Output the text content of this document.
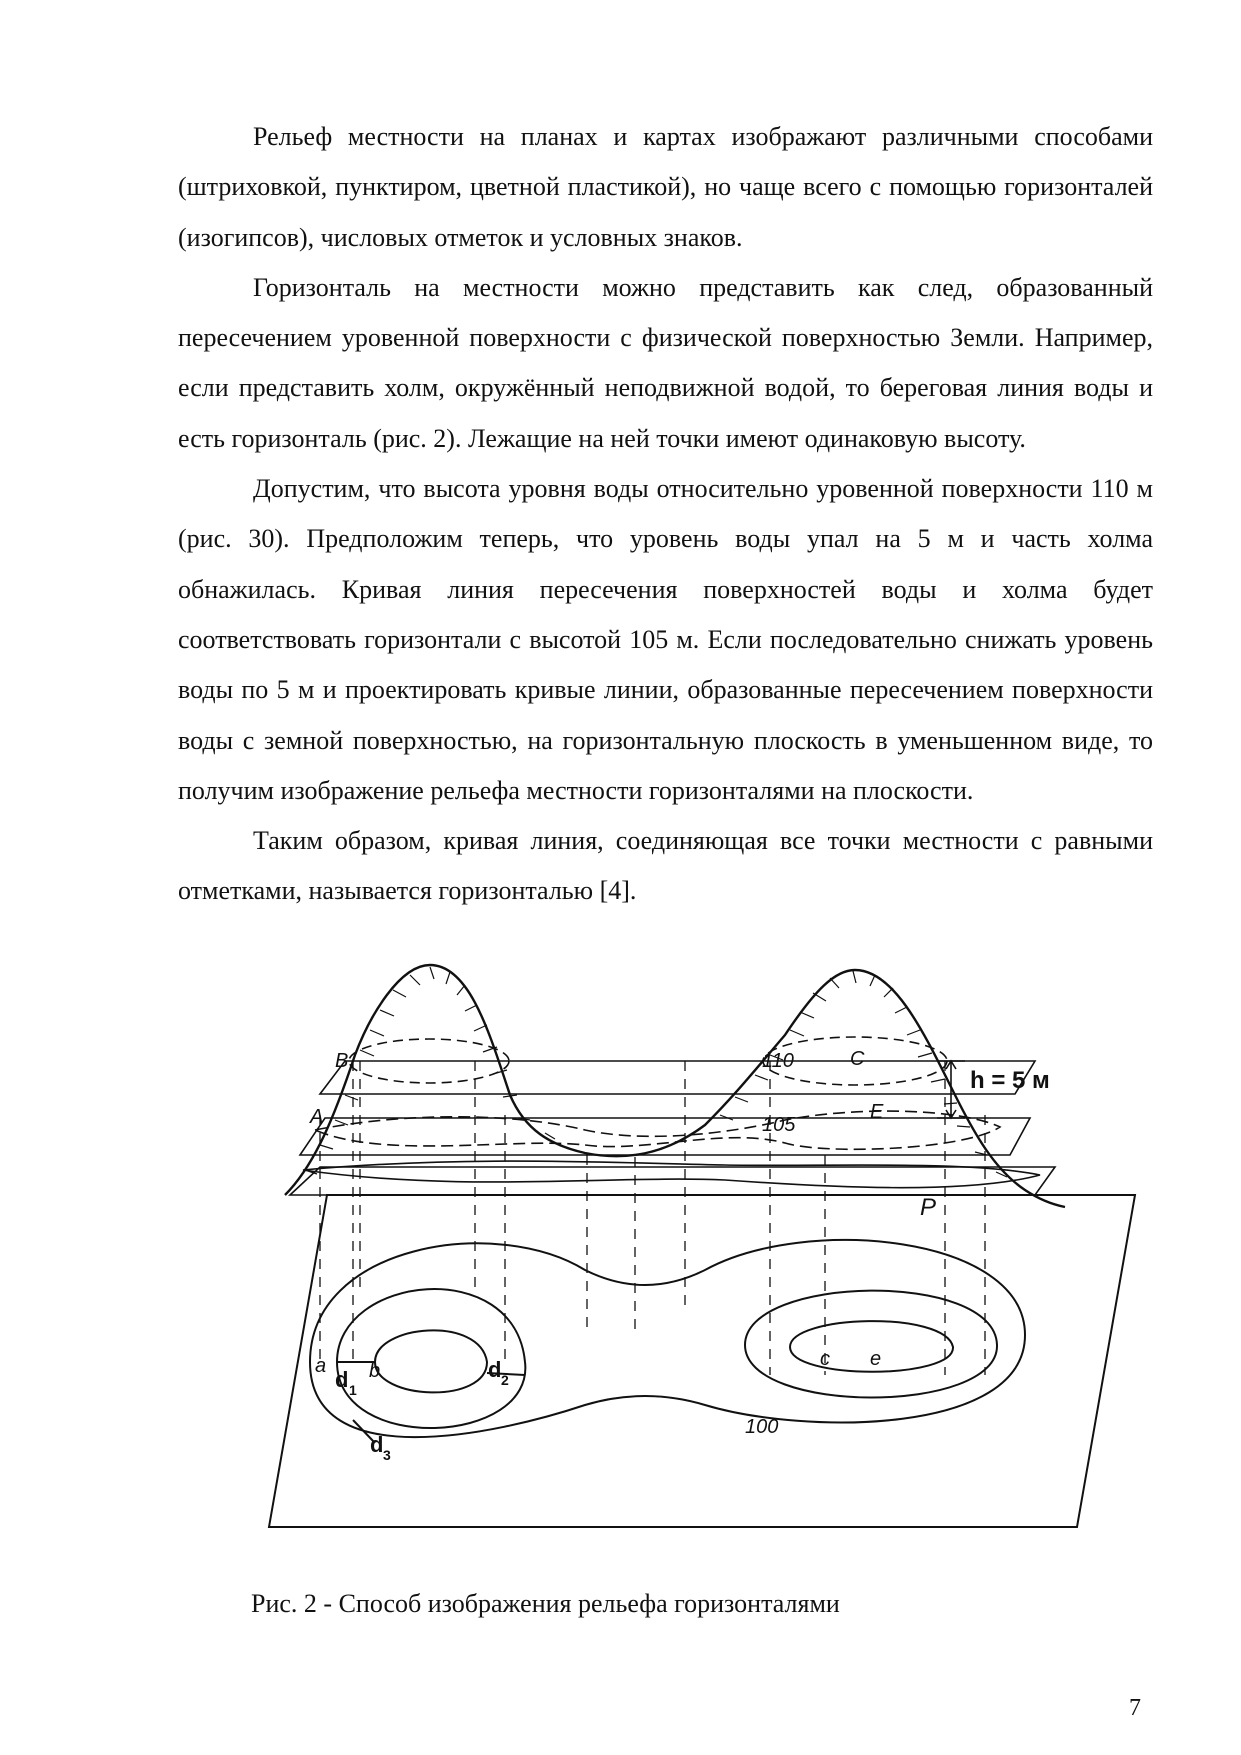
Рельеф местности на планах и картах изображают различными способами (штриховкой, пунктиром, цветной пластикой), но чаще всего с помощью горизонталей (изогипсов), числовых отметок и условных знаков.

Горизонталь на местности можно представить как след, образованный пересечением уровенной поверхности с физической поверхностью Земли. Например, если представить холм, окружённый неподвижной водой, то береговая линия воды и есть горизонталь (рис. 2). Лежащие на ней точки имеют одинаковую высоту.

Допустим, что высота уровня воды относительно уровенной поверхности 110 м (рис. 30). Предположим теперь, что уровень воды упал на 5 м и часть холма обнажилась. Кривая линия пересечения поверхностей воды и холма будет соответствовать горизонтали с высотой 105 м. Если последовательно снижать уровень воды по 5 м и проектировать кривые линии, образованные пересечением поверхности воды с земной поверхностью, на горизонтальную плоскость в уменьшенном виде, то получим изображение рельефа местности горизонталями на плоскости.

Таким образом, кривая линия, соединяющая все точки местности с равными отметками, называется горизонталью [4].

B
A
C
E
P
110
105
100
a b
c e
d 1
d 2
d 3
h = 5 м
Рис. 2 - Способ изображения рельефа горизонталями
7
